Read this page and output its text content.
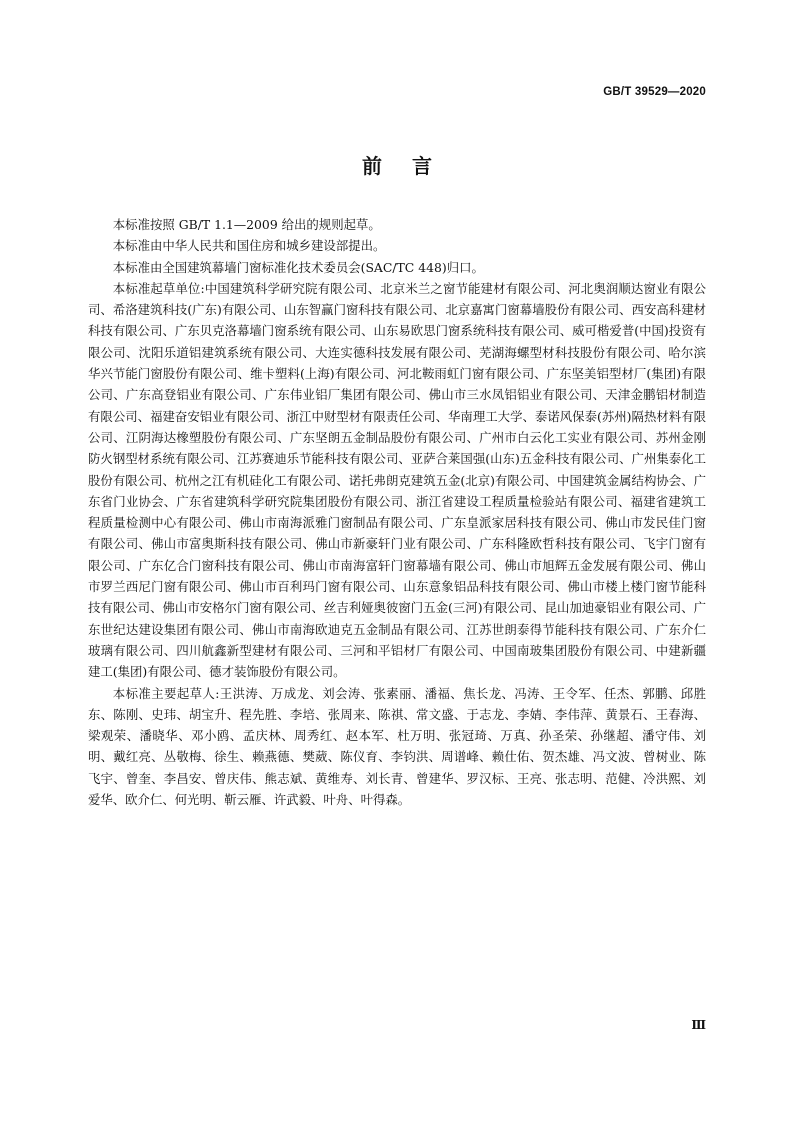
GB/T 39529—2020
前言

本标准按照 GB/T 1.1—2009 给出的规则起草。

本标准由中华人民共和国住房和城乡建设部提出。

本标准由全国建筑幕墙门窗标准化技术委员会(SAC/TC 448)归口。

本标准起草单位:中国建筑科学研究院有限公司、北京米兰之窗节能建材有限公司、河北奥润顺达窗业有限公司、希洛建筑科技(广东)有限公司、山东智赢门窗科技有限公司、北京嘉寓门窗幕墙股份有限公司、西安高科建材科技有限公司、广东贝克洛幕墙门窗系统有限公司、山东易欧思门窗系统科技有限公司、威可楷爱普(中国)投资有限公司、沈阳乐道铝建筑系统有限公司、大连实德科技发展有限公司、芜湖海螺型材科技股份有限公司、哈尔滨华兴节能门窗股份有限公司、维卡塑料(上海)有限公司、河北鞍雨虹门窗有限公司、广东坚美铝型材厂(集团)有限公司、广东高登铝业有限公司、广东伟业铝厂集团有限公司、佛山市三水凤铝铝业有限公司、天津金鹏铝材制造有限公司、福建奋安铝业有限公司、浙江中财型材有限责任公司、华南理工大学、泰诺风保泰(苏州)隔热材料有限公司、江阴海达橡塑股份有限公司、广东坚朗五金制品股份有限公司、广州市白云化工实业有限公司、苏州金刚防火钢型材系统有限公司、江苏赛迪乐节能科技有限公司、亚萨合莱国强(山东)五金科技有限公司、广州集泰化工股份有限公司、杭州之江有机硅化工有限公司、诺托弗朗克建筑五金(北京)有限公司、中国建筑金属结构协会、广东省门业协会、广东省建筑科学研究院集团股份有限公司、浙江省建设工程质量检验站有限公司、福建省建筑工程质量检测中心有限公司、佛山市南海派雅门窗制品有限公司、广东皇派家居科技有限公司、佛山市发民佳门窗有限公司、佛山市富奥斯科技有限公司、佛山市新豪轩门业有限公司、广东科隆欧哲科技有限公司、飞宇门窗有限公司、广东亿合门窗科技有限公司、佛山市南海富轩门窗幕墙有限公司、佛山市旭辉五金发展有限公司、佛山市罗兰西尼门窗有限公司、佛山市百利玛门窗有限公司、山东意象铝品科技有限公司、佛山市楼上楼门窗节能科技有限公司、佛山市安格尔门窗有限公司、丝吉利娅奥彼窗门五金(三河)有限公司、昆山加迪豪铝业有限公司、广东世纪达建设集团有限公司、佛山市南海欧迪克五金制品有限公司、江苏世朗泰得节能科技有限公司、广东介仁玻璃有限公司、四川航鑫新型建材有限公司、三河和平铝材厂有限公司、中国南玻集团股份有限公司、中建新疆建工(集团)有限公司、德才装饰股份有限公司。

本标准主要起草人:王洪涛、万成龙、刘会涛、张素丽、潘福、焦长龙、冯涛、王令军、任杰、郭鹏、邱胜东、陈刚、史玮、胡宝升、程先胜、李培、张周来、陈祺、常文盛、于志龙、李婧、李伟萍、黄景石、王春海、梁观荣、潘晓华、邓小鸥、孟庆林、周秀红、赵本军、杜万明、张冠琦、万真、孙圣荣、孙继超、潘守伟、刘明、戴红亮、丛敬梅、徐生、赖燕德、樊葳、陈仪育、李钧洪、周谱峰、赖仕佑、贺杰雄、冯文波、曾树业、陈飞宇、曾奎、李昌安、曾庆伟、熊志斌、黄维寿、刘长青、曾建华、罗汉标、王亮、张志明、范健、冷洪熙、刘爱华、欧介仁、何光明、靳云雁、许武毅、叶舟、叶得森。

Ⅲ
